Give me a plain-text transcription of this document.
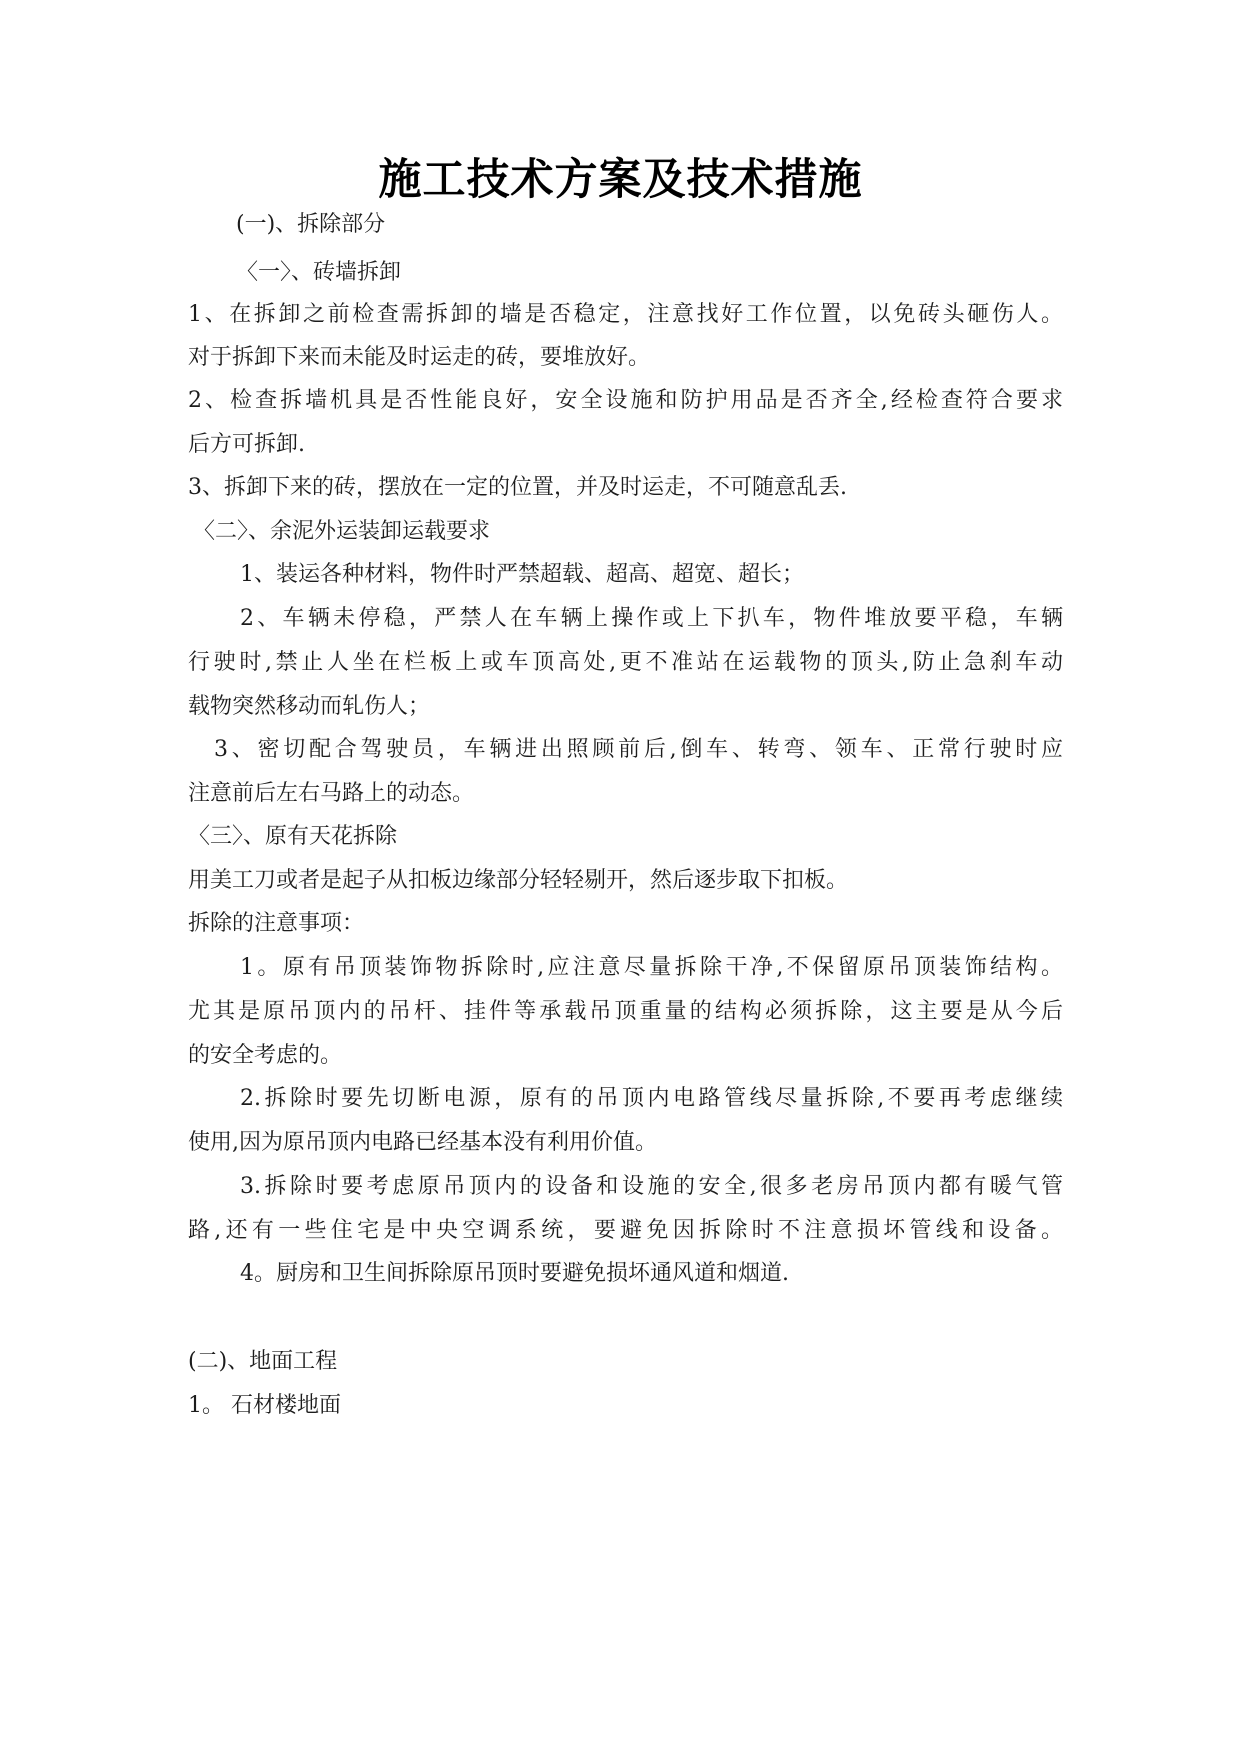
施工技术方案及技术措施
(一)、拆除部分
〈一〉、砖墙拆卸
1、在拆卸之前检查需拆卸的墙是否稳定，注意找好工作位置，以免砖头砸伤人。
对于拆卸下来而未能及时运走的砖，要堆放好。
2、检查拆墙机具是否性能良好，安全设施和防护用品是否齐全,经检查符合要求
后方可拆卸.
3、拆卸下来的砖，摆放在一定的位置，并及时运走，不可随意乱丢.
〈二〉、余泥外运装卸运载要求
1、装运各种材料，物件时严禁超载、超高、超宽、超长；
2、车辆未停稳，严禁人在车辆上操作或上下扒车，物件堆放要平稳，车辆
行驶时,禁止人坐在栏板上或车顶高处,更不准站在运载物的顶头,防止急刹车动
载物突然移动而轧伤人；
3、密切配合驾驶员，车辆进出照顾前后,倒车、转弯、领车、正常行驶时应
注意前后左右马路上的动态。
〈三〉、原有天花拆除
用美工刀或者是起子从扣板边缘部分轻轻剔开，然后逐步取下扣板。
拆除的注意事项：
1。原有吊顶装饰物拆除时,应注意尽量拆除干净,不保留原吊顶装饰结构。
尤其是原吊顶内的吊杆、挂件等承载吊顶重量的结构必须拆除，这主要是从今后
的安全考虑的。
2.拆除时要先切断电源，原有的吊顶内电路管线尽量拆除,不要再考虑继续
使用,因为原吊顶内电路已经基本没有利用价值。
3.拆除时要考虑原吊顶内的设备和设施的安全,很多老房吊顶内都有暖气管
路,还有一些住宅是中央空调系统，要避免因拆除时不注意损坏管线和设备。
4。厨房和卫生间拆除原吊顶时要避免损坏通风道和烟道.
(二)、地面工程
1。 石材楼地面
